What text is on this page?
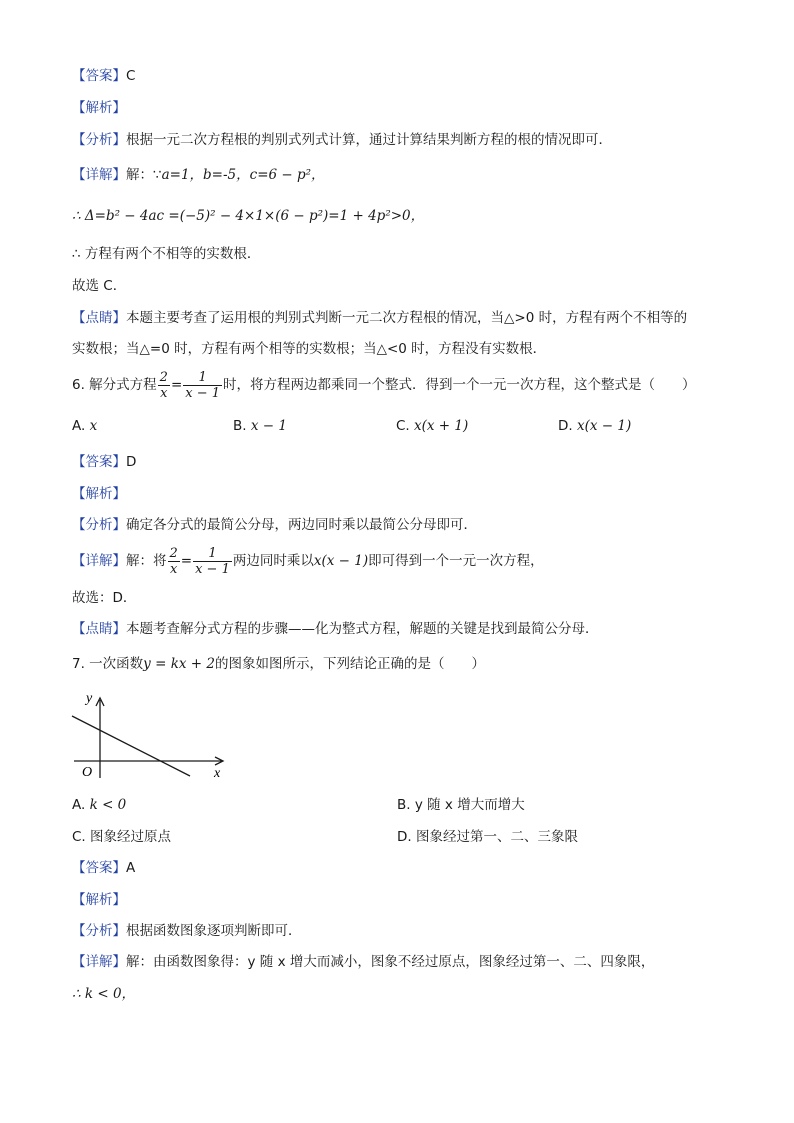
【答案】C
【解析】
【分析】根据一元二次方程根的判别式列式计算，通过计算结果判断方程的根的情况即可．
【详解】解：∵a=1，b=-5，c=6 − p²，
∴ Δ=b² − 4ac =(−5)² − 4×1×(6 − p²)=1 + 4p²>0，
∴ 方程有两个不相等的实数根．
故选 C．
【点睛】本题主要考查了运用根的判别式判断一元二次方程根的情况，当△>0 时，方程有两个不相等的
实数根；当△=0 时，方程有两个相等的实数根；当△<0 时，方程没有实数根．
6. 解分式方程 $\frac{2}{x} = \frac{1}{x - 1}$ 时，将方程两边都乘同一个整式．得到一个一元一次方程，这个整式是（　　）
A. x	B. x − 1	C. x(x + 1)	D. x(x − 1)
【答案】D
【解析】
【分析】确定各分式的最简公分母，两边同时乘以最简公分母即可．
【详解】解：将 $\frac{2}{x} = \frac{1}{x - 1}$ 两边同时乘以x(x − 1)即可得到一个一元一次方程，
故选：D．
【点睛】本题考查解分式方程的步骤——化为整式方程，解题的关键是找到最简公分母．
7. 一次函数y = kx + 2的图象如图所示，下列结论正确的是（　　）
y
x
O
A. k < 0	B. y 随 x 增大而增大
C. 图象经过原点	D. 图象经过第一、二、三象限
【答案】A
【解析】
【分析】根据函数图象逐项判断即可．
【详解】解：由函数图象得：y 随 x 增大而减小，图象不经过原点，图象经过第一、二、四象限，
∴ k < 0，
